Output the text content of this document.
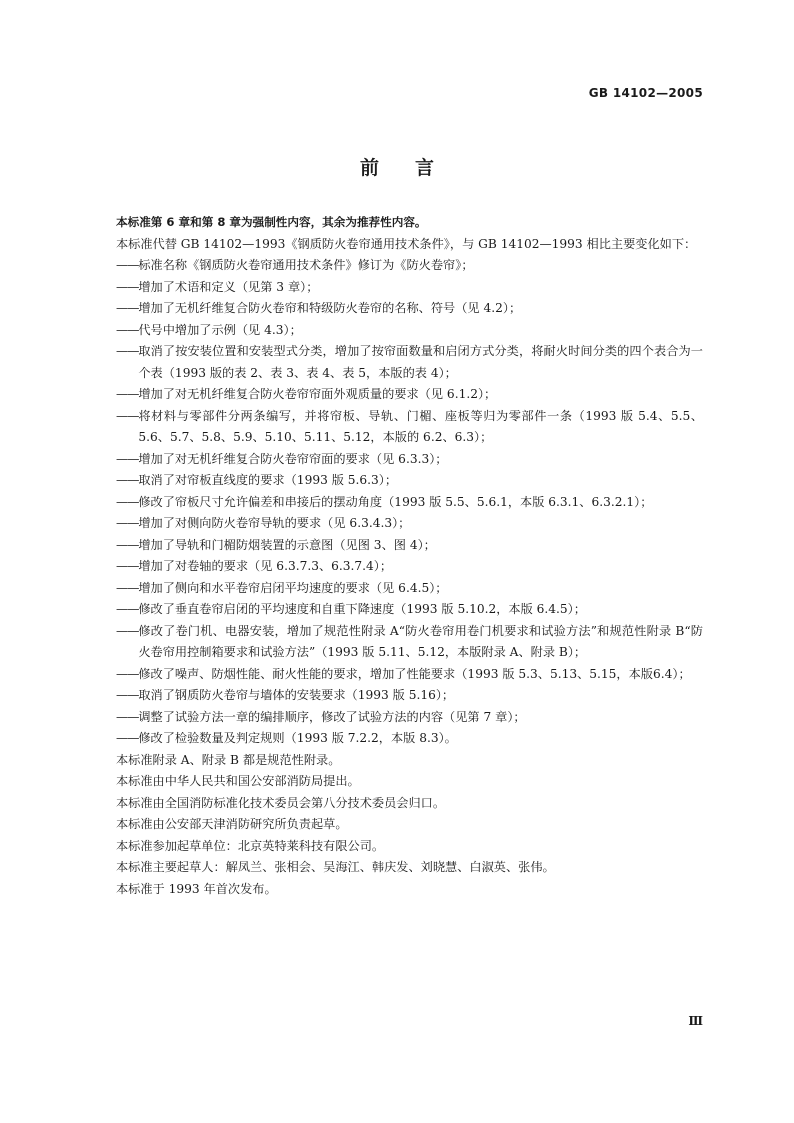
GB 14102—2005
前言

本标准第 6 章和第 8 章为强制性内容，其余为推荐性内容。

本标准代替 GB 14102—1993《钢质防火卷帘通用技术条件》，与 GB 14102—1993 相比主要变化如下：

—— 标准名称《钢质防火卷帘通用技术条件》修订为《防火卷帘》；
—— 增加了术语和定义（见第 3 章）；
—— 增加了无机纤维复合防火卷帘和特级防火卷帘的名称、符号（见 4.2）；
—— 代号中增加了示例（见 4.3）；
—— 取消了按安装位置和安装型式分类，增加了按帘面数量和启闭方式分类，将耐火时间分类的四个表合为一个表（1993 版的表 2、表 3、表 4、表 5，本版的表 4）；
—— 增加了对无机纤维复合防火卷帘帘面外观质量的要求（见 6.1.2）；
—— 将材料与零部件分两条编写，并将帘板、导轨、门楣、座板等归为零部件一条（1993 版 5.4、5.5、5.6、5.7、5.8、5.9、5.10、5.11、5.12，本版的 6.2、6.3）；
—— 增加了对无机纤维复合防火卷帘帘面的要求（见 6.3.3）；
—— 取消了对帘板直线度的要求（1993 版 5.6.3）；
—— 修改了帘板尺寸允许偏差和串接后的摆动角度（1993 版 5.5、5.6.1，本版 6.3.1、6.3.2.1）；
—— 增加了对侧向防火卷帘导轨的要求（见 6.3.4.3）；
—— 增加了导轨和门楣防烟装置的示意图（见图 3、图 4）；
—— 增加了对卷轴的要求（见 6.3.7.3、6.3.7.4）；
—— 增加了侧向和水平卷帘启闭平均速度的要求（见 6.4.5）；
—— 修改了垂直卷帘启闭的平均速度和自重下降速度（1993 版 5.10.2，本版 6.4.5）；
—— 修改了卷门机、电器安装，增加了规范性附录 A“防火卷帘用卷门机要求和试验方法”和规范性附录 B“防火卷帘用控制箱要求和试验方法”（1993 版 5.11、5.12，本版附录 A、附录 B）；
—— 修改了噪声、防烟性能、耐火性能的要求，增加了性能要求（1993 版 5.3、5.13、5.15，本版6.4）；
—— 取消了钢质防火卷帘与墙体的安装要求（1993 版 5.16）；
—— 调整了试验方法一章的编排顺序，修改了试验方法的内容（见第 7 章）；
—— 修改了检验数量及判定规则（1993 版 7.2.2，本版 8.3）。

本标准附录 A、附录 B 都是规范性附录。

本标准由中华人民共和国公安部消防局提出。

本标准由全国消防标准化技术委员会第八分技术委员会归口。

本标准由公安部天津消防研究所负责起草。

本标准参加起草单位：北京英特莱科技有限公司。

本标准主要起草人：解凤兰、张相会、吴海江、韩庆发、刘晓慧、白淑英、张伟。

本标准于 1993 年首次发布。

Ⅲ
